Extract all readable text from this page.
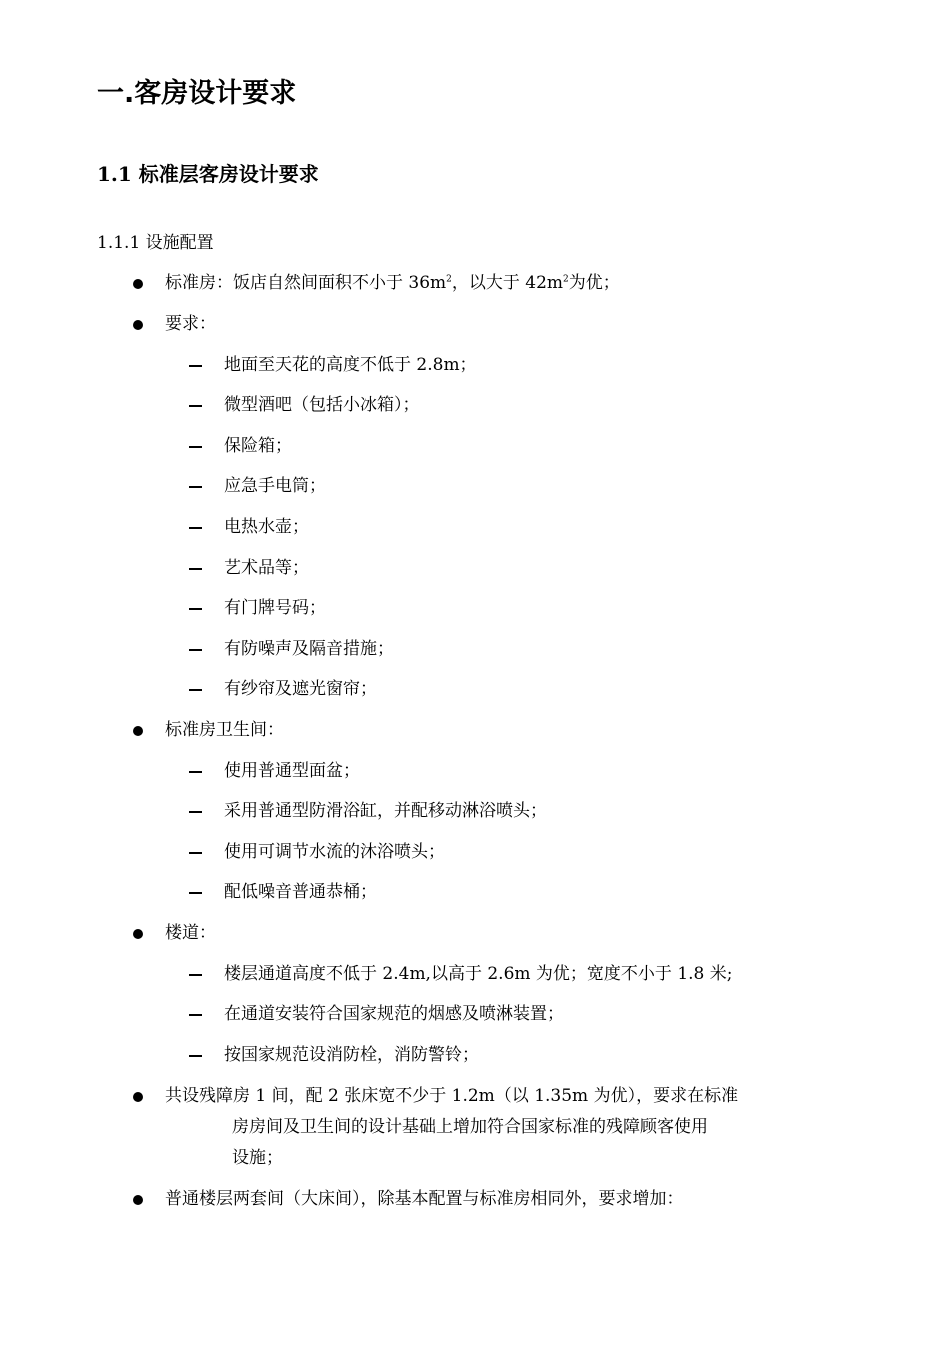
一.客房设计要求
1.1 标准层客房设计要求
1.1.1 设施配置
标准房：饭店自然间面积不小于 $36m^2$，以大于 $42m^2$为优；
要求：
地面至天花的高度不低于 2.8m；
微型酒吧（包括小冰箱）；
保险箱；
应急手电筒；
电热水壶；
艺术品等；
有门牌号码；
有防噪声及隔音措施；
有纱帘及遮光窗帘；
标准房卫生间：
使用普通型面盆；
采用普通型防滑浴缸，并配移动淋浴喷头；
使用可调节水流的沐浴喷头；
配低噪音普通恭桶；
楼道：
楼层通道高度不低于 2.4m,以高于 2.6m 为优；宽度不小于 1.8 米;
在通道安装符合国家规范的烟感及喷淋装置；
按国家规范设消防栓，消防警铃；
共设残障房 1 间，配 2 张床宽不少于 1.2m（以 1.35m 为优），要求在标准
房房间及卫生间的设计基础上增加符合国家标准的残障顾客使用
设施；
普通楼层两套间（大床间），除基本配置与标准房相同外，要求增加：
